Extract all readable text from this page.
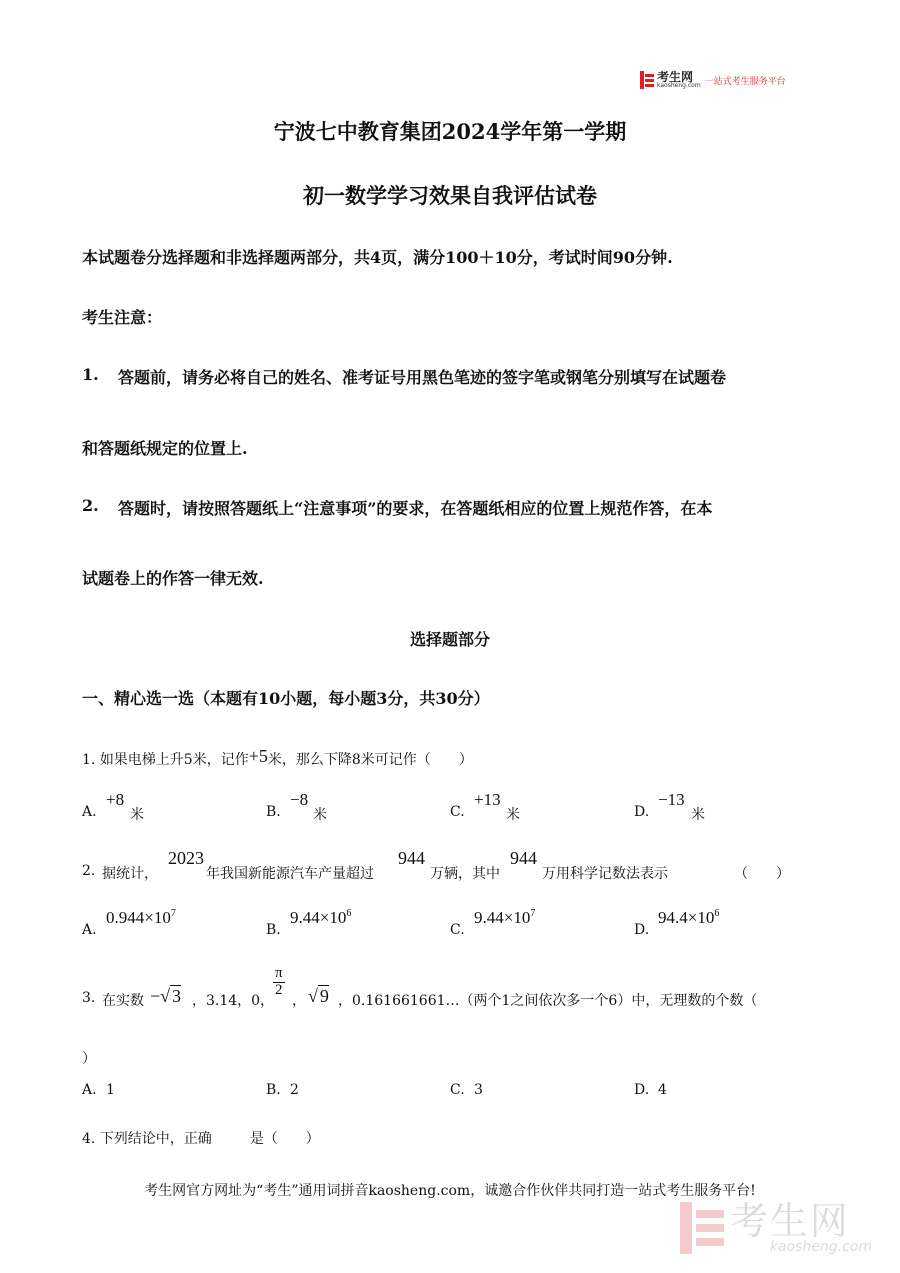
考生网
kaosheng.com 一站式考生服务平台
宁波七中教育集团2024学年第一学期
初一数学学习效果自我评估试卷
本试题卷分选择题和非选择题两部分，共4页，满分100＋10分，考试时间90分钟.
考生注意：
1. 答题前，请务必将自己的姓名、准考证号用黑色笔迹的签字笔或钢笔分别填写在试题卷
和答题纸规定的位置上.
2. 答题时，请按照答题纸上“注意事项”的要求，在答题纸相应的位置上规范作答，在本
试题卷上的作答一律无效.
选择题部分
一、精心选一选（本题有10小题，每小题3分，共30分）
1. 如果电梯上升5米，记作+5米，那么下降8米可记作（ ）
A.
+8
米	B.
−8
米	C.
+13
米	D.
−13
米
2. 据统计，
2023
年我国新能源汽车产量超过
944
万辆，其中
944
万用科学记数法表示	（　　）
A.
$0.944\times 10^7$
B.
$9.44\times 10^6$
C.
$9.44\times 10^7$
D.
$94.4\times 10^6$
3. 在实数 −√ 3 ，3.14，0，
$\frac{\pi}{2}$
， √ 9 ，0.161661661…（两个1之间依次多一个6）中，无理数的个数（
）
A. 1	B. 2	C. 3	D. 4
4. 下列结论中，正确	是（　　）
考生网官方网址为“考生”通用词拼音kaosheng.com，诚邀合作伙伴共同打造一站式考生服务平台!
考生网
kaosheng.com
